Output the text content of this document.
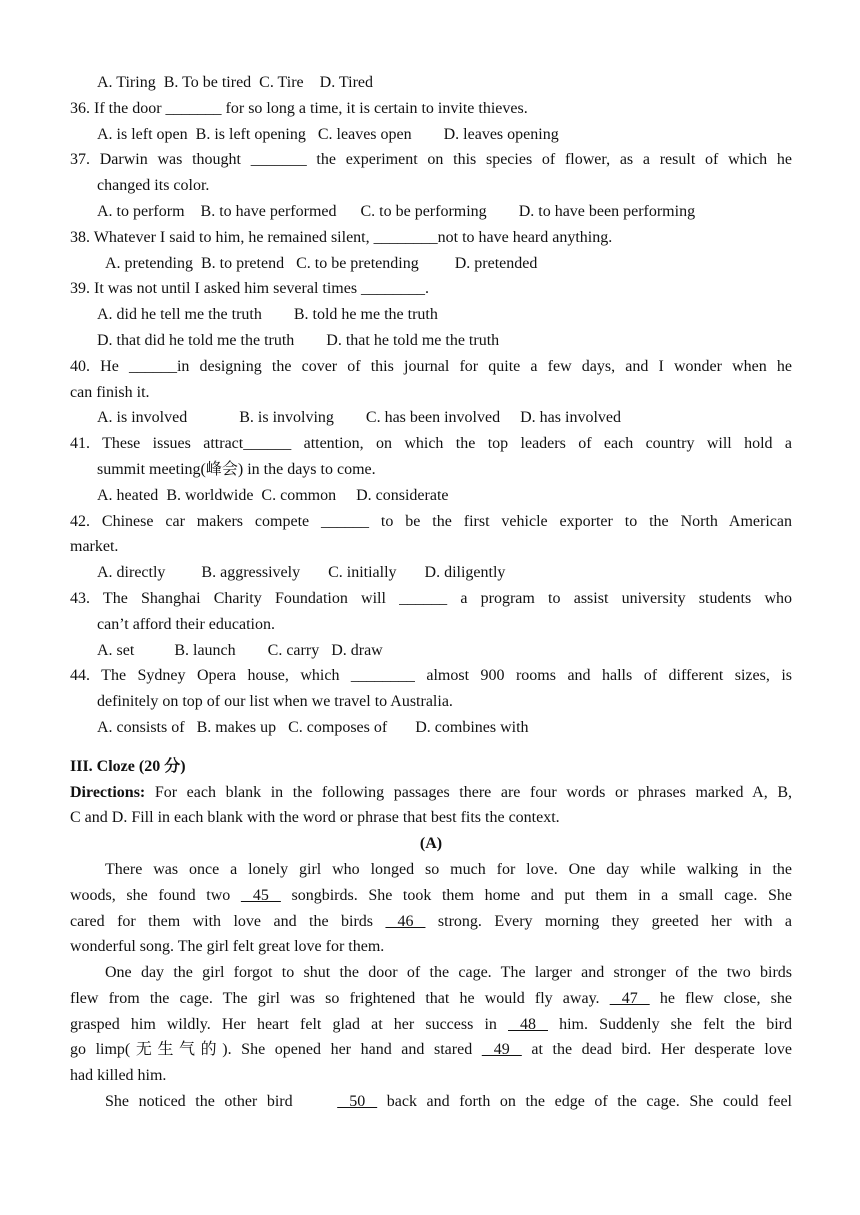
A. Tiring B. To be tired C. Tire D. Tired
36. If the door _______ for so long a time, it is certain to invite thieves.
A. is left open B. is left opening C. leaves open D. leaves opening
37. Darwin was thought _______ the experiment on this species of flower, as a result of which he
changed its color.
A. to perform B. to have performed C. to be performing D. to have been performing
38. Whatever I said to him, he remained silent, ________not to have heard anything.
A. pretending B. to pretend C. to be pretending D. pretended
39. It was not until I asked him several times ________.
A. did he tell me the truth B. told he me the truth
D. that did he told me the truth D. that he told me the truth
40. He ______in designing the cover of this journal for quite a few days, and I wonder when he
can finish it.
A. is involved	B. is involving C. has been involved D. has involved
41. These issues attract______ attention, on which the top leaders of each country will hold a
summit meeting(峰会) in the days to come.
A. heated B. worldwide C. common D. considerate
42. Chinese car makers compete ______ to be the first vehicle exporter to the North American
market.
A. directly B. aggressively C. initially D. diligently
43. The Shanghai Charity Foundation will ______ a program to assist university students who
can’t afford their education.
A. set	B. launch C. carry D. draw
44. The Sydney Opera house, which ________ almost 900 rooms and halls of different sizes, is
definitely on top of our list when we travel to Australia.
A. consists of B. makes up C. composes of D. combines with
III. Cloze (20 分)
Directions: For each blank in the following passages there are four words or phrases marked A, B,
C and D. Fill in each blank with the word or phrase that best fits the context.
(A)
There was once a lonely girl who longed so much for love. One day while walking in the
woods, she found two    45    songbirds. She took them home and put them in a small cage. She
cared for them with love and the birds    46    strong. Every morning they greeted her with a
wonderful song. The girl felt great love for them.
One day the girl forgot to shut the door of the cage. The larger and stronger of the two birds
flew from the cage. The girl was so frightened that he would fly away.    47    he flew close, she
grasped him wildly. Her heart felt glad at her success in    48    him. Suddenly she felt the bird
go limp(无生气的). She opened her hand and stared    49    at the dead bird. Her desperate love
had killed him.
She noticed the other bird    50    back and forth on the edge of the cage. She could feel
